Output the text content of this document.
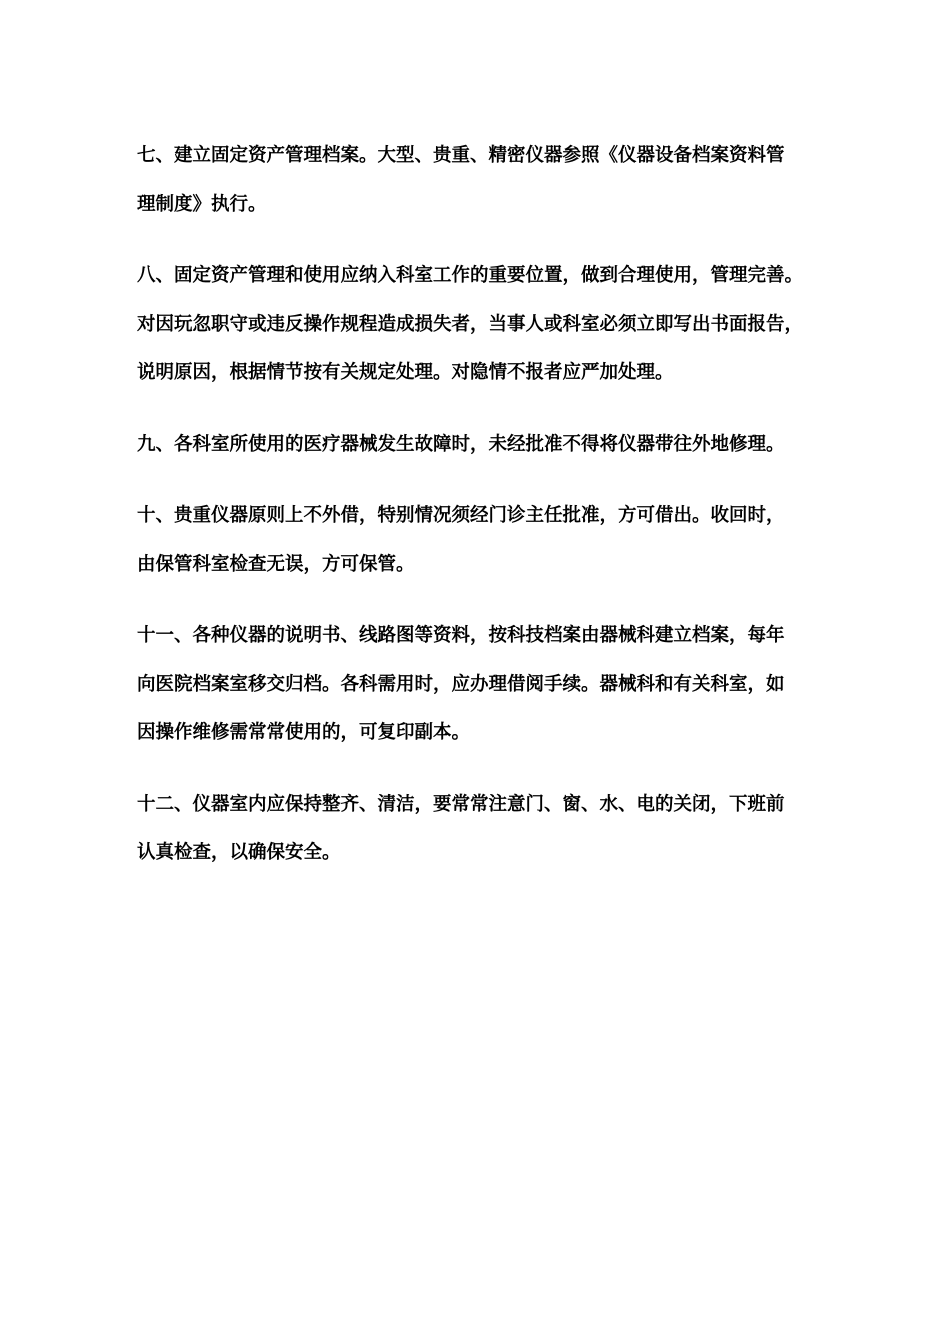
七、建立固定资产管理档案。大型、贵重、精密仪器参照《仪器设备档案资料管
理制度》执行。

八、固定资产管理和使用应纳入科室工作的重要位置，做到合理使用，管理完善。
对因玩忽职守或违反操作规程造成损失者，当事人或科室必须立即写出书面报告，
说明原因，根据情节按有关规定处理。对隐情不报者应严加处理。

九、各科室所使用的医疗器械发生故障时，未经批准不得将仪器带往外地修理。

十、贵重仪器原则上不外借，特别情况须经门诊主任批准，方可借出。收回时，
由保管科室检查无误，方可保管。

十一、各种仪器的说明书、线路图等资料，按科技档案由器械科建立档案，每年
向医院档案室移交归档。各科需用时，应办理借阅手续。器械科和有关科室，如
因操作维修需常常使用的，可复印副本。

十二、仪器室内应保持整齐、清洁，要常常注意门、窗、水、电的关闭，下班前
认真检查，以确保安全。
